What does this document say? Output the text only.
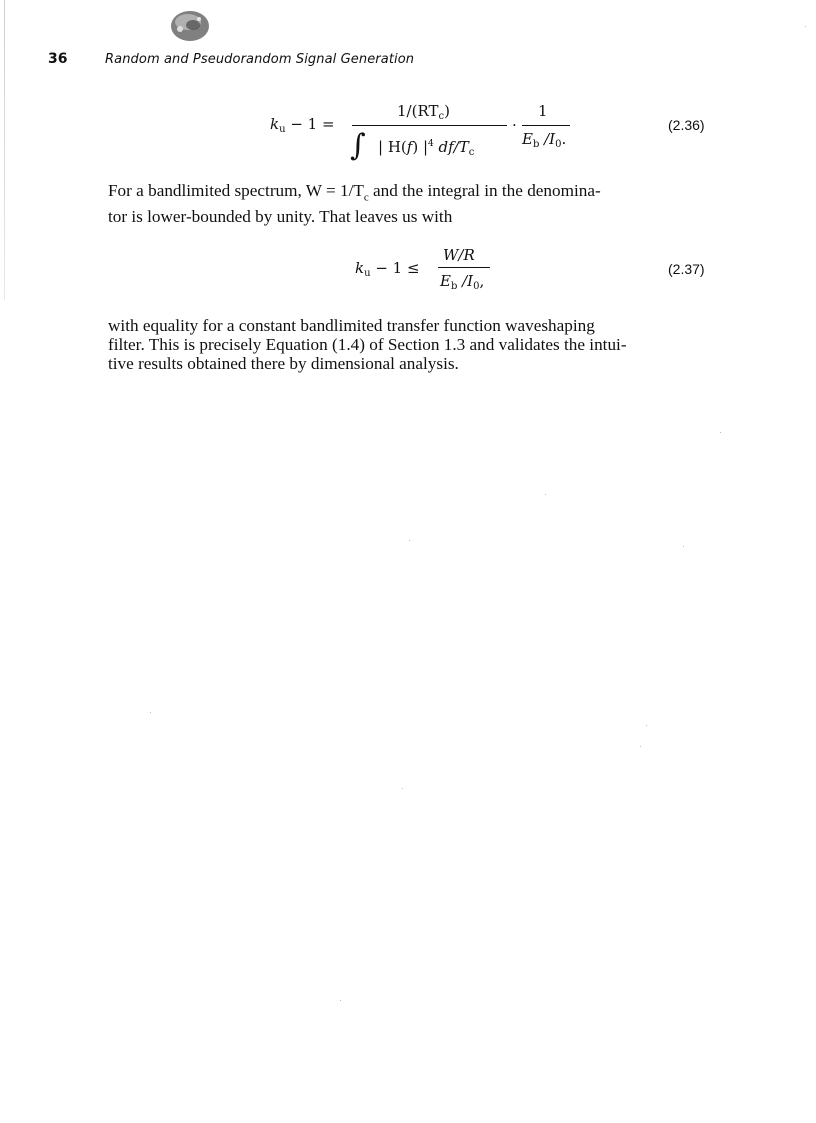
36	Random and Pseudorandom Signal Generation
$k_u - 1$ =
$1/(RT_c)$
∫ | H(f) $|^4$ $df/T_c$
·
1
$E_b$ $/I_0$.
(2.36)
For a bandlimited spectrum, $W = 1/T_c$ and the integral in the denomina-
tor is lower-bounded by unity. That leaves us with
$k_u - 1$ ≤
W/R
$E_b$ $/I_0$,
(2.37)
with equality for a constant bandlimited transfer function waveshaping
filter. This is precisely Equation (1.4) of Section 1.3 and validates the intui-
tive results obtained there by dimensional analysis.
